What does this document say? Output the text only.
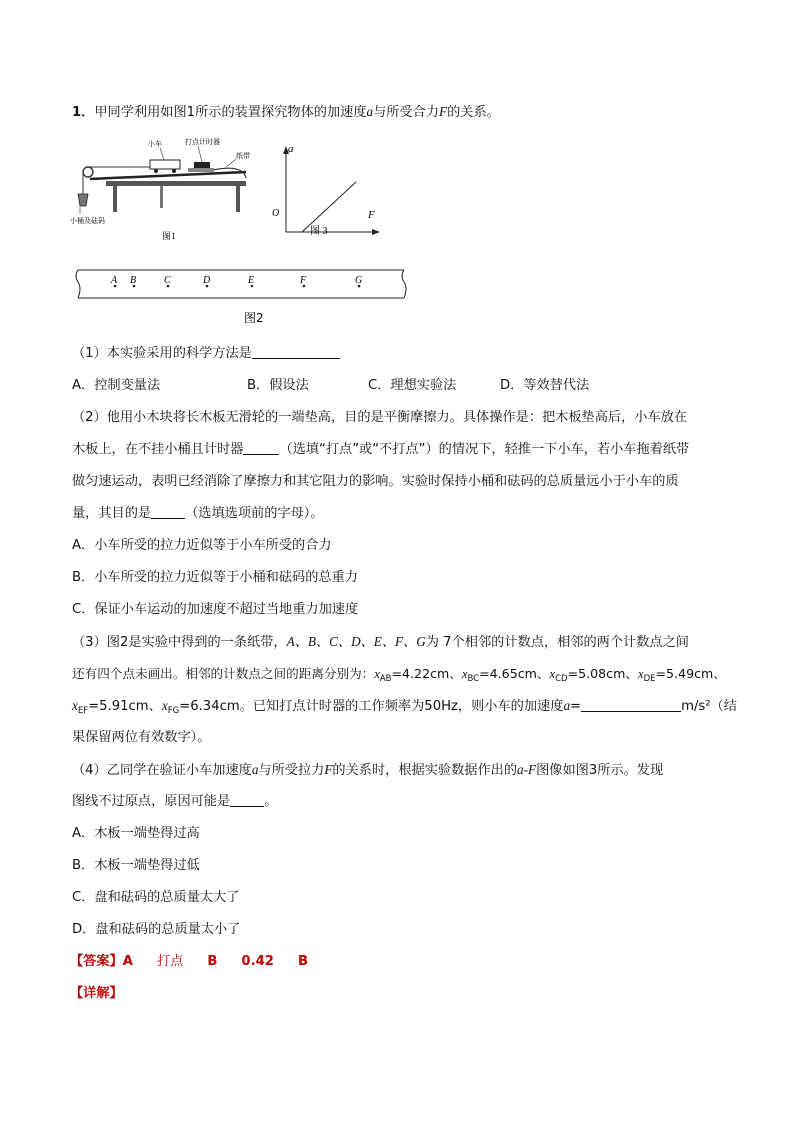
1．甲同学利用如图1所示的装置探究物体的加速度a与所受合力F的关系。
小车	打点计时器
纸带
小桶及砝码
图1
a
F
O
图 3
A B	C	D	E	F	G
图2
（1）本实验采用的科学方法是
A．控制变量法	B．假设法	C．理想实验法	D．等效替代法
（2）他用小木块将长木板无滑轮的一端垫高，目的是平衡摩擦力。具体操作是：把木板垫高后，小车放在
木板上，在不挂小桶且计时器	（选填“打点”或“不打点”）的情况下，轻推一下小车，若小车拖着纸带
做匀速运动，表明已经消除了摩擦力和其它阻力的影响。实验时保持小桶和砝码的总质量远小于小车的质
量，其目的是	（选填选项前的字母）。
A．小车所受的拉力近似等于小车所受的合力
B．小车所受的拉力近似等于小桶和砝码的总重力
C．保证小车运动的加速度不超过当地重力加速度
（3）图2是实验中得到的一条纸带，A、B、C、D、E、F、G为 7个相邻的计数点，相邻的两个计数点之间
还有四个点未画出。相邻的计数点之间的距离分别为：$x_{AB}=4.22cm$、$x_{BC}=4.65cm$、$x_{CD}=5.08cm$、$x_{DE}=5.49cm$、
$x_{EF}=5.91cm$、$x_{FG}=6.34cm$。已知打点计时器的工作频率为50Hz，则小车的加速度a=	m/s²（结
果保留两位有效数字）。
（4）乙同学在验证小车加速度a与所受拉力F的关系时，根据实验数据作出的a-F图像如图3所示。发现
图线不过原点，原因可能是	。
A．木板一端垫得过高
B．木板一端垫得过低
C．盘和砝码的总质量太大了
D．盘和砝码的总质量太小了
【答案】A 打点 B 0.42 B
【详解】
